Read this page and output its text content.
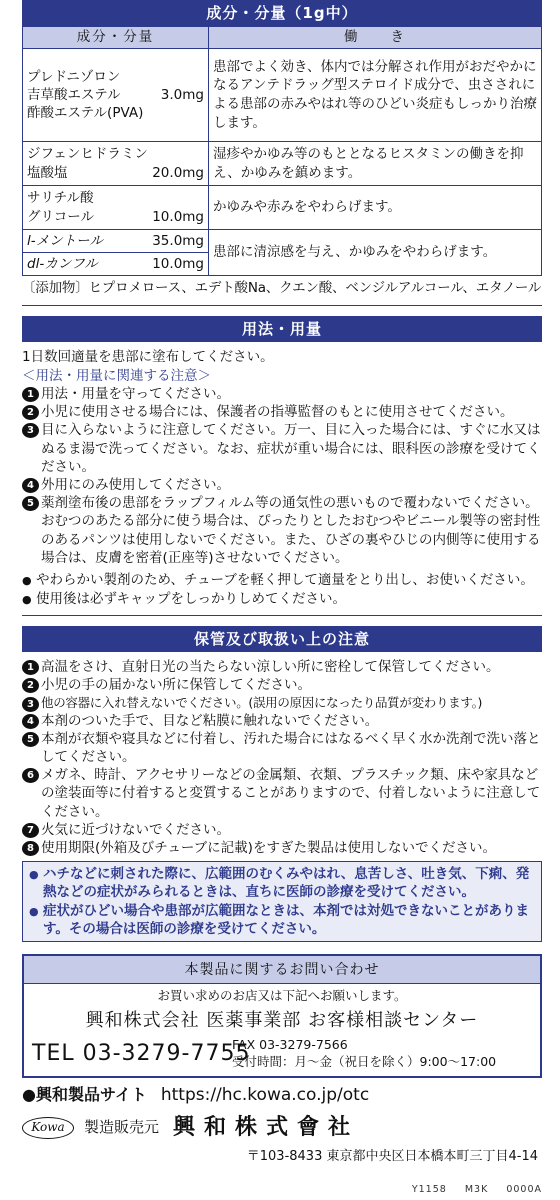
成分・分量（1g中）
成分・分量	働　　き

プレドニゾロン
吉草酸エステル
酢酸エステル(PVA)
3.0mg	患部でよく効き、体内では分解され作用がおだやかになるアンテドラッグ型ステロイド成分で、虫さされによる患部の赤みやはれ等のひどい炎症もしっかり治療します。

ジフェンヒドラミン
塩酸塩 20.0mg	湿疹やかゆみ等のもととなるヒスタミンの働きを抑え、かゆみを鎮めます。

サリチル酸
グリコール 10.0mg	かゆみや赤みをやわらげます。

l-メントール 35.0mg	患部に清涼感を与え、かゆみをやわらげます。

dl-カンフル 10.0mg	
〔添加物〕ヒプロメロース、エデト酸Na、クエン酸、ベンジルアルコール、エタノール
用法・用量
1日数回適量を患部に塗布してください。
＜用法・用量に関連する注意＞
1 用法・用量を守ってください。
2 小児に使用させる場合には、保護者の指導監督のもとに使用させてください。
3 目に入らないように注意してください。万一、目に入った場合には、すぐに水又はぬるま湯で洗ってください。なお、症状が重い場合には、眼科医の診療を受けてください。
4 外用にのみ使用してください。
5 薬剤塗布後の患部をラップフィルム等の通気性の悪いもので覆わないでください。おむつのあたる部分に使う場合は、ぴったりとしたおむつやビニール製等の密封性のあるパンツは使用しないでください。また、ひざの裏やひじの内側等に使用する場合は、皮膚を密着(正座等)させないでください。
● やわらかい製剤のため、チューブを軽く押して適量をとり出し、お使いください。
● 使用後は必ずキャップをしっかりしめてください。
保管及び取扱い上の注意
1 高温をさけ、直射日光の当たらない涼しい所に密栓して保管してください。
2 小児の手の届かない所に保管してください。
3 他の容器に入れ替えないでください。(誤用の原因になったり品質が変わります。)
4 本剤のついた手で、目など粘膜に触れないでください。
5 本剤が衣類や寝具などに付着し、汚れた場合にはなるべく早く水か洗剤で洗い落としてください。
6 メガネ、時計、アクセサリーなどの金属類、衣類、プラスチック類、床や家具などの塗装面等に付着すると変質することがありますので、付着しないように注意してください。
7 火気に近づけないでください。
8 使用期限(外箱及びチューブに記載)をすぎた製品は使用しないでください。
● ハチなどに刺された際に、広範囲のむくみやはれ、息苦しさ、吐き気、下痢、発熱などの症状がみられるときは、直ちに医師の診療を受けてください。
● 症状がひどい場合や患部が広範囲なときは、本剤では対処できないことがあります。その場合は医師の診療を受けてください。
本製品に関するお問い合わせ
お買い求めのお店又は下記へお願いします。
興和株式会社 医薬事業部 お客様相談センター
TEL 03-3279-7755
FAX 03-3279-7566
受付時間：月～金（祝日を除く）9:00～17:00
●興和製品サイト https://hc.kowa.co.jp/otc
Kowa	製造販売元 興和株式會社
〒103-8433 東京都中央区日本橋本町三丁目4-14
Y1158 M3K 0000A
